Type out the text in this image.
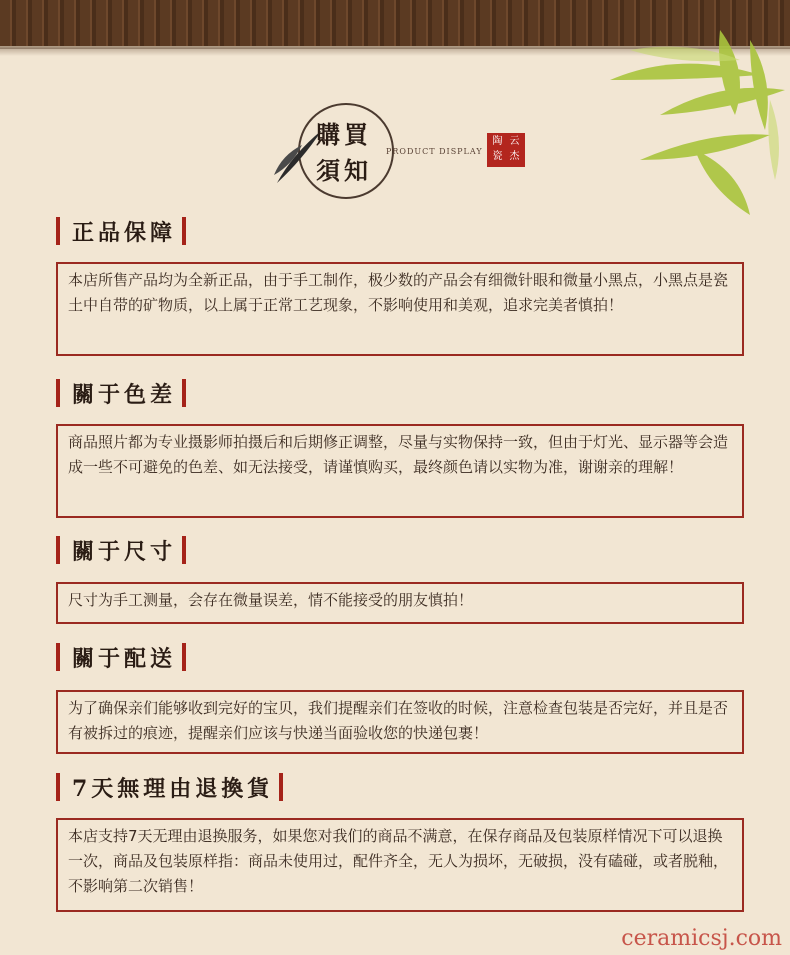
購買
須知
PRODUCT DISPLAY
陶 云
瓷 杰
正品保障
本店所售产品均为全新正品，由于手工制作，极少数的产品会有细微针眼和微量小黑点，小黑点是瓷土中自带的矿物质，以上属于正常工艺现象，不影响使用和美观，追求完美者慎拍！
關于色差
商品照片都为专业摄影师拍摄后和后期修正调整，尽量与实物保持一致，但由于灯光、显示器等会造成一些不可避免的色差、如无法接受，请谨慎购买，最终颜色请以实物为准，谢谢亲的理解！
關于尺寸
尺寸为手工测量，会存在微量误差，情不能接受的朋友慎拍！
關于配送
为了确保亲们能够收到完好的宝贝，我们提醒亲们在签收的时候，注意检查包装是否完好，并且是否有被拆过的痕迹，提醒亲们应该与快递当面验收您的快递包裹！
7天無理由退換貨
本店支持7天无理由退换服务，如果您对我们的商品不满意，在保存商品及包装原样情况下可以退换一次，商品及包装原样指：商品未使用过，配件齐全，无人为损坏，无破损，没有磕碰，或者脱釉，不影响第二次销售！
ceramicsj.com
